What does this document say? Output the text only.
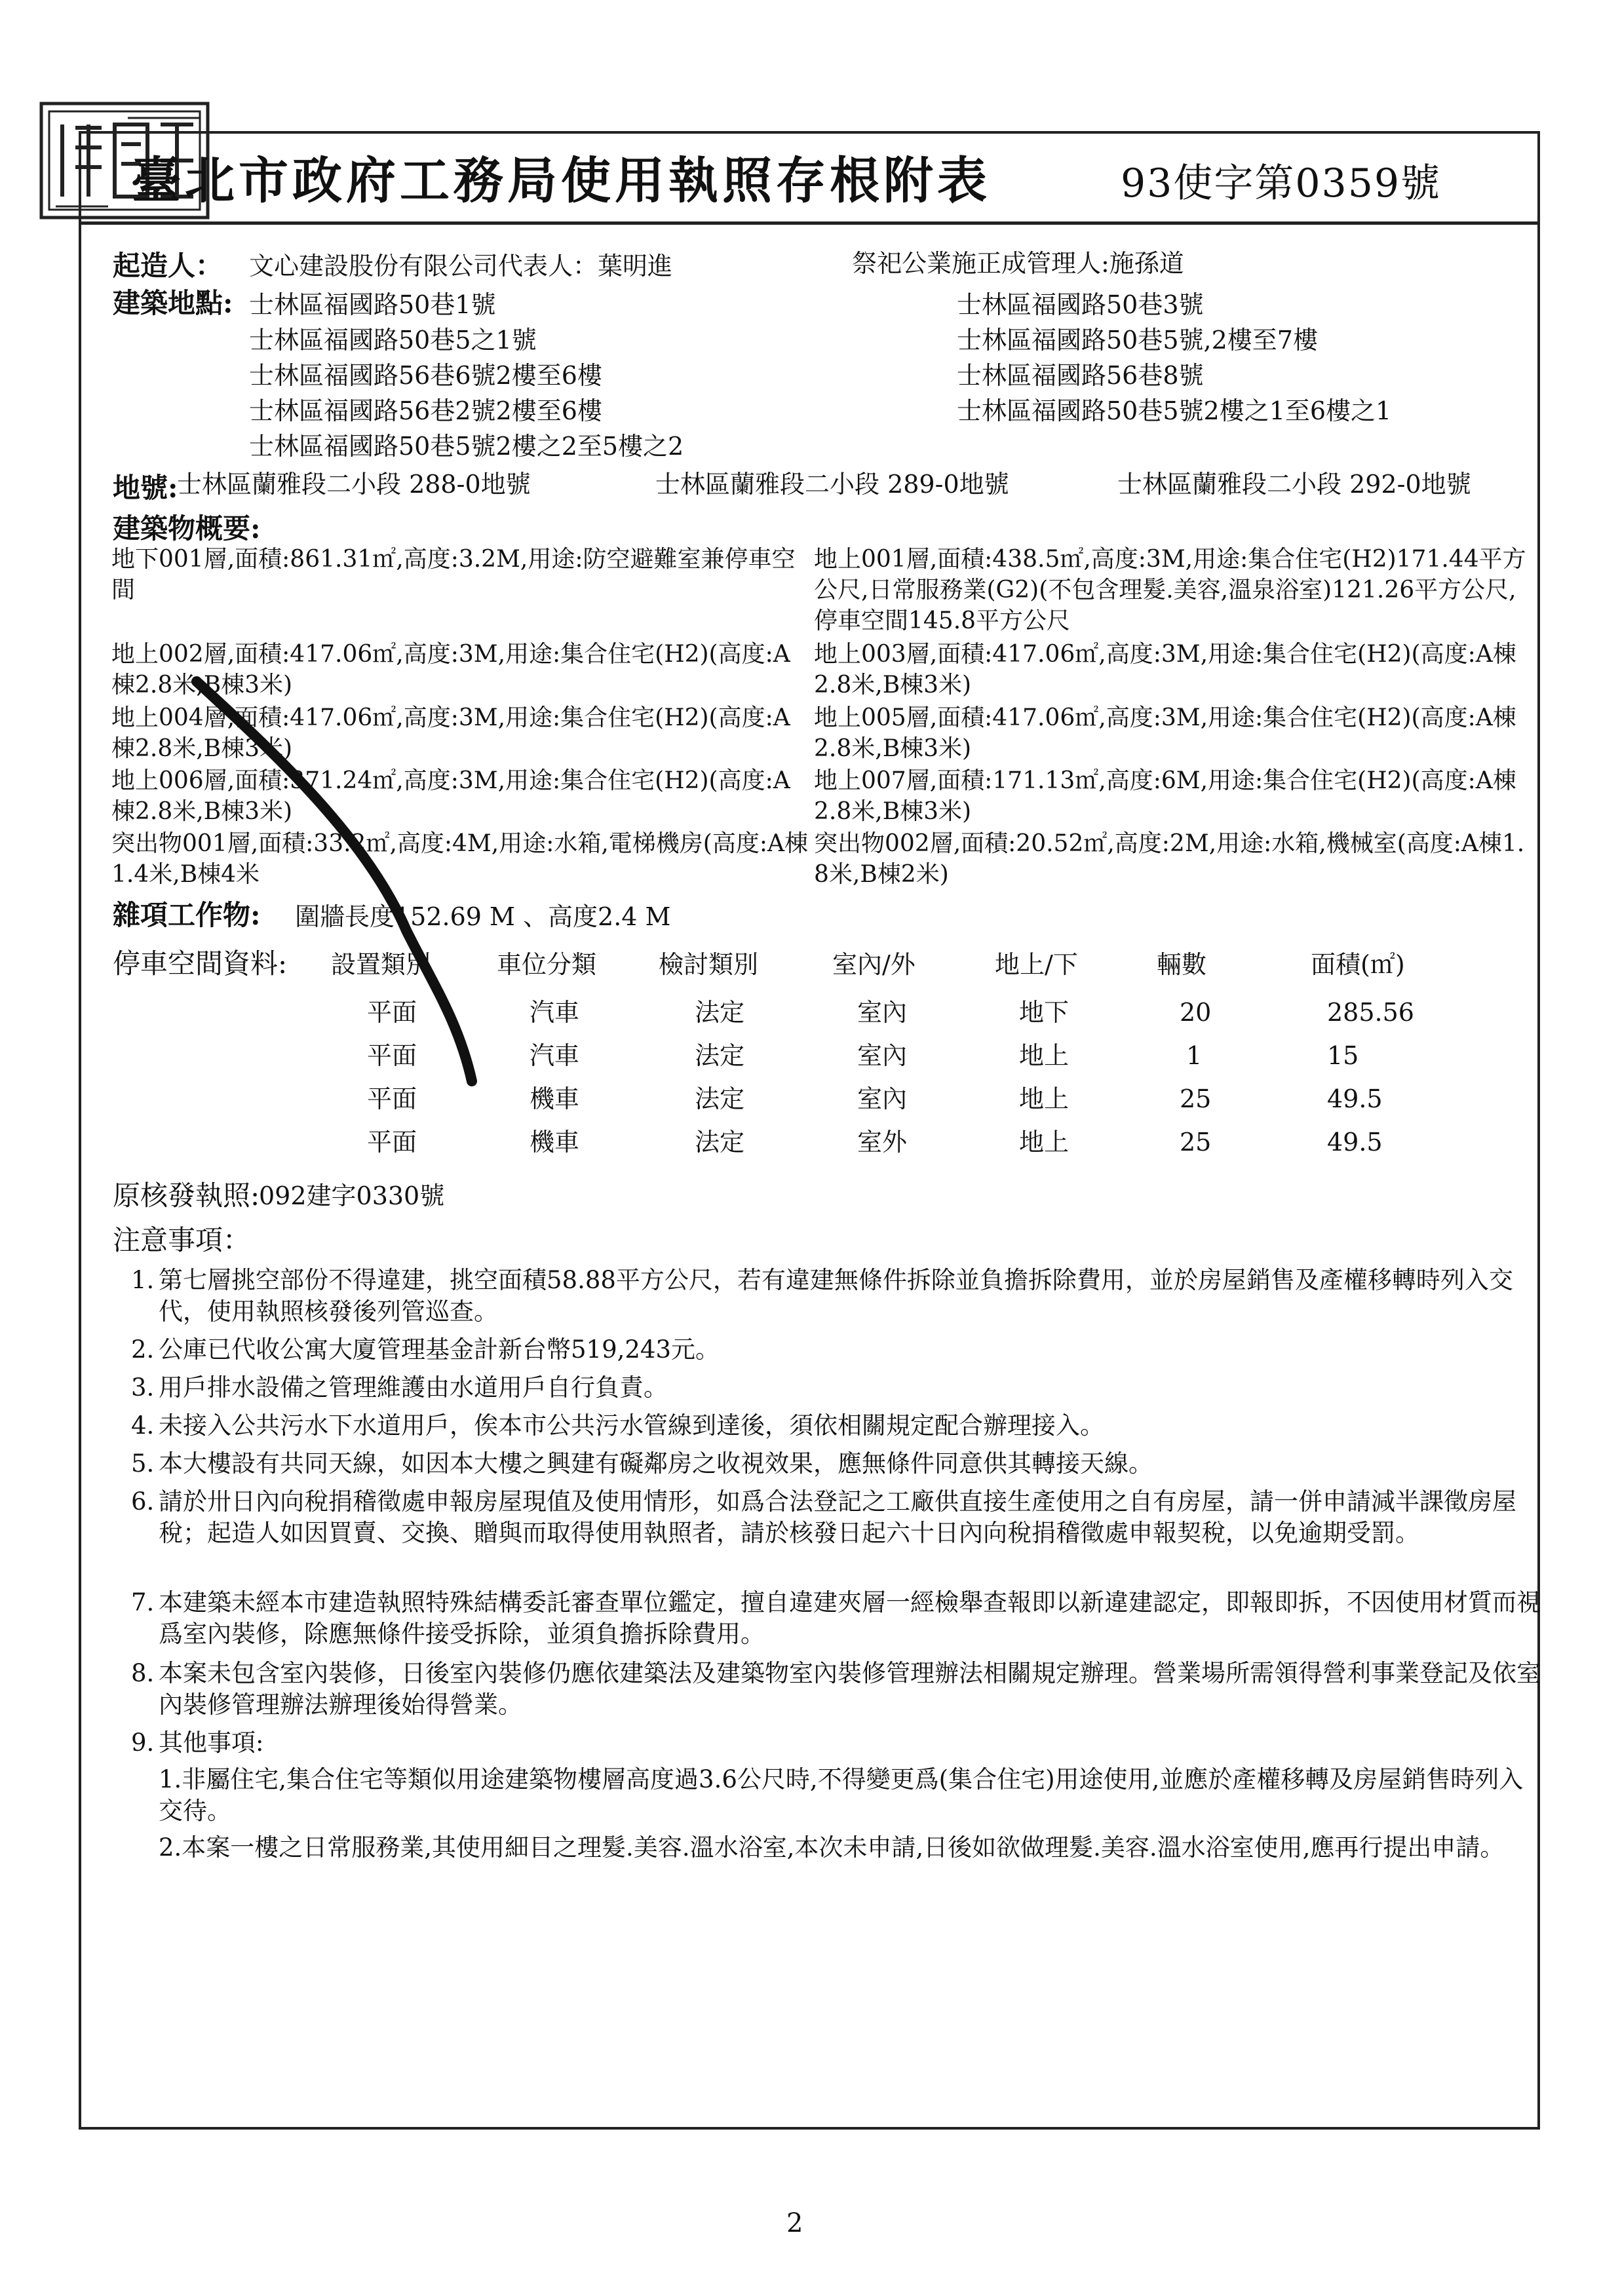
臺北市政府工務局使用執照存根附表	93使字第0359號
起造人： 文心建設股份有限公司代表人：葉明進	祭祀公業施正成管理人:施孫道
建築地點: 士林區福國路50巷1號
士林區福國路50巷5之1號
士林區福國路56巷6號2樓至6樓
士林區福國路56巷2號2樓至6樓
士林區福國路50巷5號2樓之2至5樓之2
士林區福國路50巷3號
士林區福國路50巷5號,2樓至7樓
士林區福國路56巷8號
士林區福國路50巷5號2樓之1至6樓之1
地號:
士林區蘭雅段二小段 288-0地號	士林區蘭雅段二小段 289-0地號	士林區蘭雅段二小段 292-0地號
建築物概要:
地下001層,面積:861.31㎡,高度:3.2M,用途:防空避難室兼停車空間
地上001層,面積:438.5㎡,高度:3M,用途:集合住宅(H2)171.44平方公尺,日常服務業(G2)(不包含理髮.美容,溫泉浴室)121.26平方公尺,停車空間145.8平方公尺
地上002層,面積:417.06㎡,高度:3M,用途:集合住宅(H2)(高度:A棟2.8米,B棟3米)
地上003層,面積:417.06㎡,高度:3M,用途:集合住宅(H2)(高度:A棟2.8米,B棟3米)
地上004層,面積:417.06㎡,高度:3M,用途:集合住宅(H2)(高度:A棟2.8米,B棟3米)
地上005層,面積:417.06㎡,高度:3M,用途:集合住宅(H2)(高度:A棟2.8米,B棟3米)
地上006層,面積:371.24㎡,高度:3M,用途:集合住宅(H2)(高度:A棟2.8米,B棟3米)
地上007層,面積:171.13㎡,高度:6M,用途:集合住宅(H2)(高度:A棟2.8米,B棟3米)
突出物001層,面積:33.2㎡,高度:4M,用途:水箱,電梯機房(高度:A棟1.4米,B棟4米
突出物002層,面積:20.52㎡,高度:2M,用途:水箱,機械室(高度:A棟1.8米,B棟2米)
雜項工作物: 圍牆長度152.69 M 、高度2.4 M
停車空間資料: 設置類別	車位分類 檢討類別	室內/外	地上/下	輛數	面積(㎡)
平面	汽車	法定	室內	地下	20	285.56
平面	汽車	法定	室內	地上	1	15
平面	機車	法定	室內	地上	25	49.5
平面	機車	法定	室外	地上	25	49.5
原核發執照:
092建字0330號
注意事項：
1. 第七層挑空部份不得違建，挑空面積58.88平方公尺，若有違建無條件拆除並負擔拆除費用，並於房屋銷售及產權移轉時列入交代，使用執照核發後列管巡查。
2. 公庫已代收公寓大廈管理基金計新台幣519,243元。
3. 用戶排水設備之管理維護由水道用戶自行負責。
4. 未接入公共污水下水道用戶，俟本市公共污水管線到達後，須依相關規定配合辦理接入。
5. 本大樓設有共同天線，如因本大樓之興建有礙鄰房之收視效果，應無條件同意供其轉接天線。
6. 請於卅日內向稅捐稽徵處申報房屋現值及使用情形，如爲合法登記之工廠供直接生產使用之自有房屋，請一併申請減半課徵房屋稅；起造人如因買賣、交換、贈與而取得使用執照者，請於核發日起六十日內向稅捐稽徵處申報契稅，以免逾期受罰。
7. 本建築未經本市建造執照特殊結構委託審查單位鑑定，擅自違建夾層一經檢舉查報即以新違建認定，即報即拆，不因使用材質而視爲室內裝修，除應無條件接受拆除，並須負擔拆除費用。
8. 本案未包含室內裝修，日後室內裝修仍應依建築法及建築物室內裝修管理辦法相關規定辦理。營業場所需領得營利事業登記及依室內裝修管理辦法辦理後始得營業。
9. 其他事項:
1.非屬住宅,集合住宅等類似用途建築物樓層高度過3.6公尺時,不得變更爲(集合住宅)用途使用,並應於產權移轉及房屋銷售時列入交待。
2.本案一樓之日常服務業,其使用細目之理髮.美容.溫水浴室,本次未申請,日後如欲做理髮.美容.溫水浴室使用,應再行提出申請。
2
